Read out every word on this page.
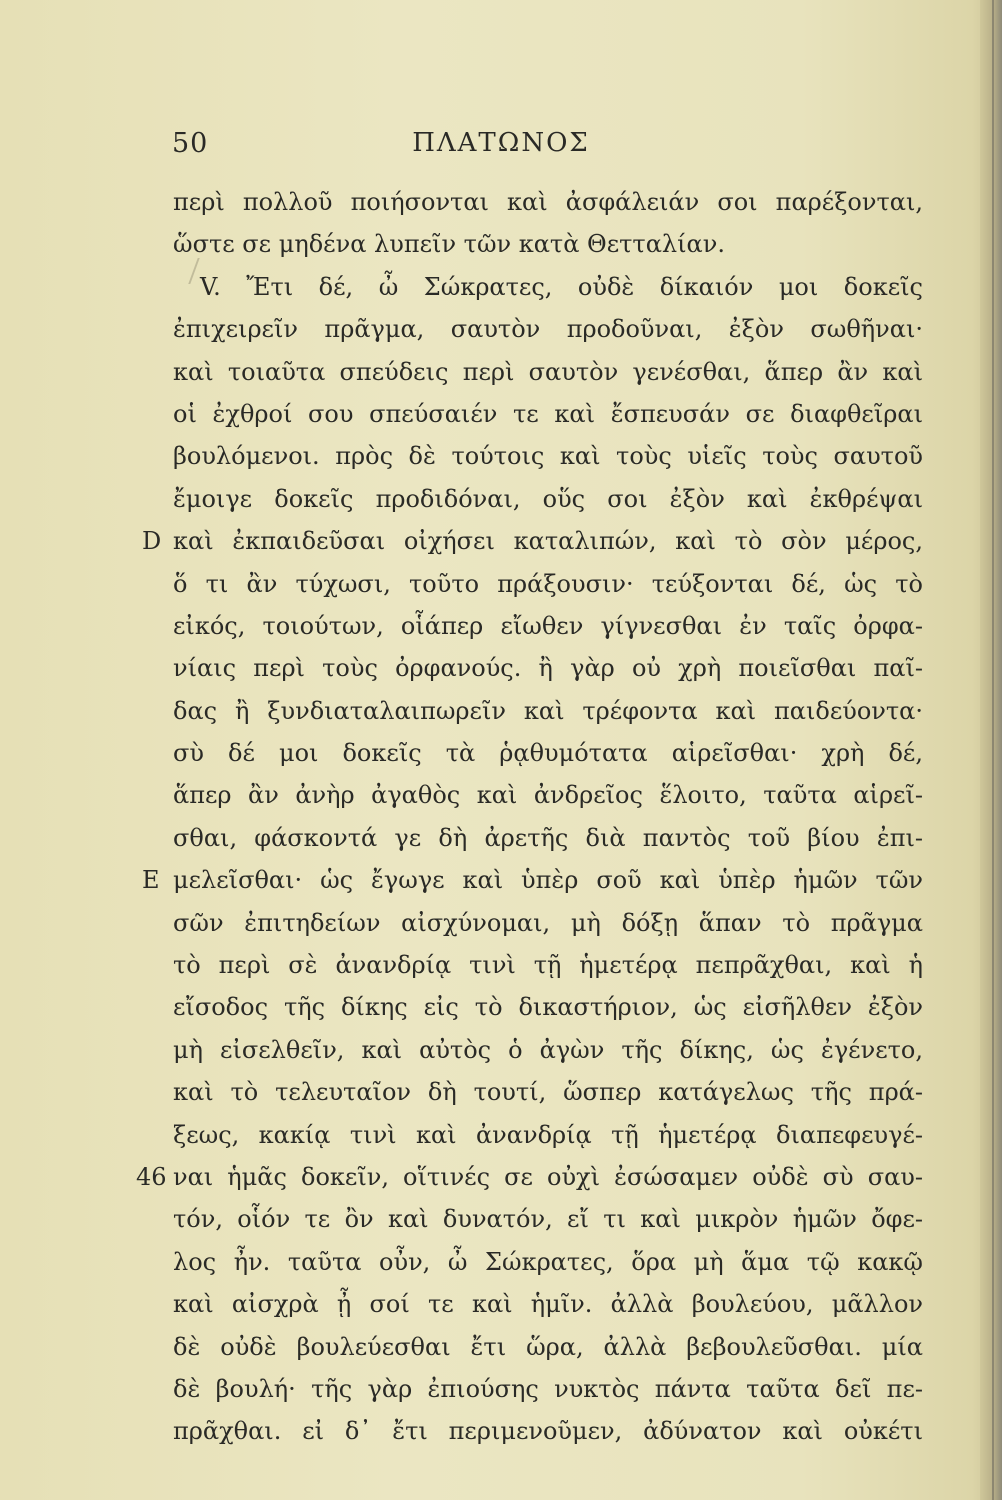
50	ΠΛΑΤΩΝΟΣ
περὶ πολλοῦ ποιήσονται καὶ ἀσφάλειάν σοι παρέξονται,
ὥστε σε μηδένα λυπεῖν τῶν κατὰ Θετταλίαν.
V. Ἔτι δέ, ὦ Σώκρατες, οὐδὲ δίκαιόν μοι δοκεῖς
ἐπιχειρεῖν πρᾶγμα, σαυτὸν προδοῦναι, ἐξὸν σωθῆναι·
καὶ τοιαῦτα σπεύδεις περὶ σαυτὸν γενέσθαι, ἅπερ ἂν καὶ
οἱ ἐχθροί σου σπεύσαιέν τε καὶ ἔσπευσάν σε διαφθεῖραι
βουλόμενοι. πρὸς δὲ τούτοις καὶ τοὺς υἱεῖς τοὺς σαυτοῦ
ἔμοιγε δοκεῖς προδιδόναι, οὕς σοι ἐξὸν καὶ ἐκθρέψαι
D καὶ ἐκπαιδεῦσαι οἰχήσει καταλιπών, καὶ τὸ σὸν μέρος,
ὅ τι ἂν τύχωσι, τοῦτο πράξουσιν· τεύξονται δέ, ὡς τὸ
εἰκός, τοιούτων, οἷάπερ εἴωθεν γίγνεσθαι ἐν ταῖς ὀρφα-
νίαις περὶ τοὺς ὀρφανούς. ἢ γὰρ οὐ χρὴ ποιεῖσθαι παῖ-
δας ἢ ξυνδιαταλαιπωρεῖν καὶ τρέφοντα καὶ παιδεύοντα·
σὺ δέ μοι δοκεῖς τὰ ῥᾳθυμότατα αἱρεῖσθαι· χρὴ δέ,
ἅπερ ἂν ἀνὴρ ἀγαθὸς καὶ ἀνδρεῖος ἕλοιτο, ταῦτα αἱρεῖ-
σθαι, φάσκοντά γε δὴ ἀρετῆς διὰ παντὸς τοῦ βίου ἐπι-
E μελεῖσθαι· ὡς ἔγωγε καὶ ὑπὲρ σοῦ καὶ ὑπὲρ ἡμῶν τῶν
σῶν ἐπιτηδείων αἰσχύνομαι, μὴ δόξῃ ἅπαν τὸ πρᾶγμα
τὸ περὶ σὲ ἀνανδρίᾳ τινὶ τῇ ἡμετέρᾳ πεπρᾶχθαι, καὶ ἡ
εἴσοδος τῆς δίκης εἰς τὸ δικαστήριον, ὡς εἰσῆλθεν ἐξὸν
μὴ εἰσελθεῖν, καὶ αὐτὸς ὁ ἀγὼν τῆς δίκης, ὡς ἐγένετο,
καὶ τὸ τελευταῖον δὴ τουτί, ὥσπερ κατάγελως τῆς πρά-
ξεως, κακίᾳ τινὶ καὶ ἀνανδρίᾳ τῇ ἡμετέρᾳ διαπεφευγέ-
46 ναι ἡμᾶς δοκεῖν, οἵτινές σε οὐχὶ ἐσώσαμεν οὐδὲ σὺ σαυ-
τόν, οἷόν τε ὂν καὶ δυνατόν, εἴ τι καὶ μικρὸν ἡμῶν ὄφε-
λος ἦν. ταῦτα οὖν, ὦ Σώκρατες, ὅρα μὴ ἅμα τῷ κακῷ
καὶ αἰσχρὰ ᾖ σοί τε καὶ ἡμῖν. ἀλλὰ βουλεύου, μᾶλλον
δὲ οὐδὲ βουλεύεσθαι ἔτι ὥρα, ἀλλὰ βεβουλεῦσθαι. μία
δὲ βουλή· τῆς γὰρ ἐπιούσης νυκτὸς πάντα ταῦτα δεῖ πε-
πρᾶχθαι. εἰ δ᾽ ἔτι περιμενοῦμεν, ἀδύνατον καὶ οὐκέτι
